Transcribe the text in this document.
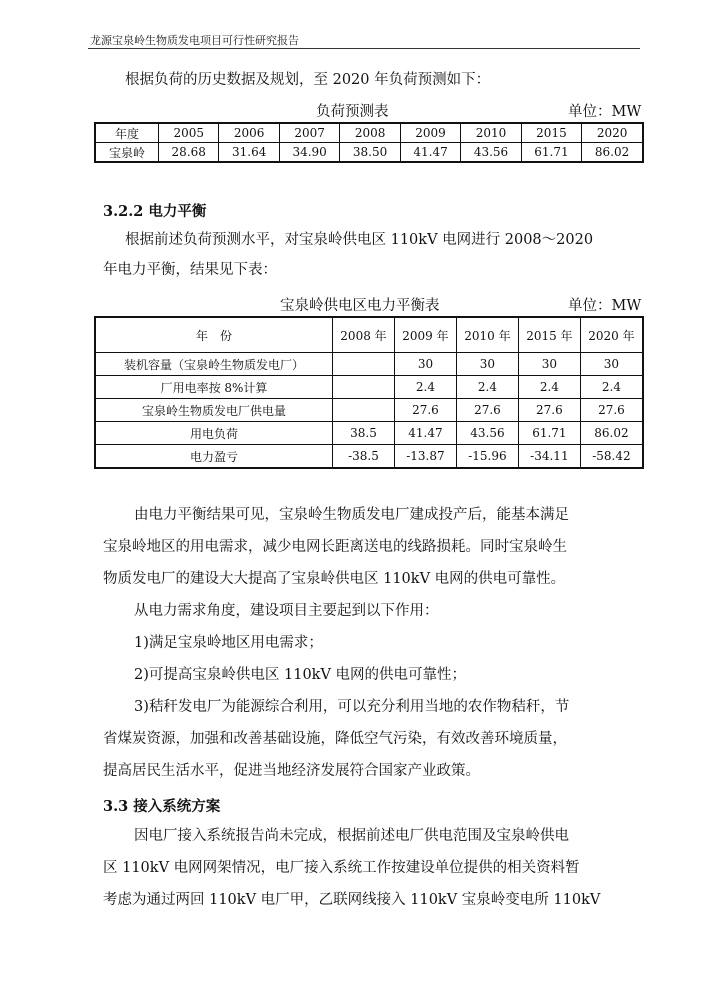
龙源宝泉岭生物质发电项目可行性研究报告
根据负荷的历史数据及规划，至 2020 年负荷预测如下：
负荷预测表	单位：MW
年度	2005	2006	2007	2008	2009	2010	2015	2020
宝泉岭	28.68	31.64	34.90	38.50	41.47	43.56	61.71	86.02
3.2.2 电力平衡
根据前述负荷预测水平，对宝泉岭供电区 110kV 电网进行 2008～2020
年电力平衡，结果见下表：
宝泉岭供电区电力平衡表	单位：MW
年　份	2008 年	2009 年	2010 年	2015 年	2020 年
装机容量（宝泉岭生物质发电厂）		30	30	30	30
厂用电率按 8%计算		2.4	2.4	2.4	2.4
宝泉岭生物质发电厂供电量		27.6	27.6	27.6	27.6
用电负荷	38.5	41.47	43.56	61.71	86.02
电力盈亏	-38.5	-13.87	-15.96	-34.11	-58.42
由电力平衡结果可见，宝泉岭生物质发电厂建成投产后，能基本满足
宝泉岭地区的用电需求，减少电网长距离送电的线路损耗。同时宝泉岭生
物质发电厂的建设大大提高了宝泉岭供电区 110kV 电网的供电可靠性。
从电力需求角度，建设项目主要起到以下作用：
1)满足宝泉岭地区用电需求；
2)可提高宝泉岭供电区 110kV 电网的供电可靠性；
3)秸秆发电厂为能源综合利用，可以充分利用当地的农作物秸秆，节
省煤炭资源，加强和改善基础设施，降低空气污染，有效改善环境质量，
提高居民生活水平，促进当地经济发展符合国家产业政策。
3.3 接入系统方案
因电厂接入系统报告尚未完成，根据前述电厂供电范围及宝泉岭供电
区 110kV 电网网架情况，电厂接入系统工作按建设单位提供的相关资料暂
考虑为通过两回 110kV 电厂甲，乙联网线接入 110kV 宝泉岭变电所 110kV
